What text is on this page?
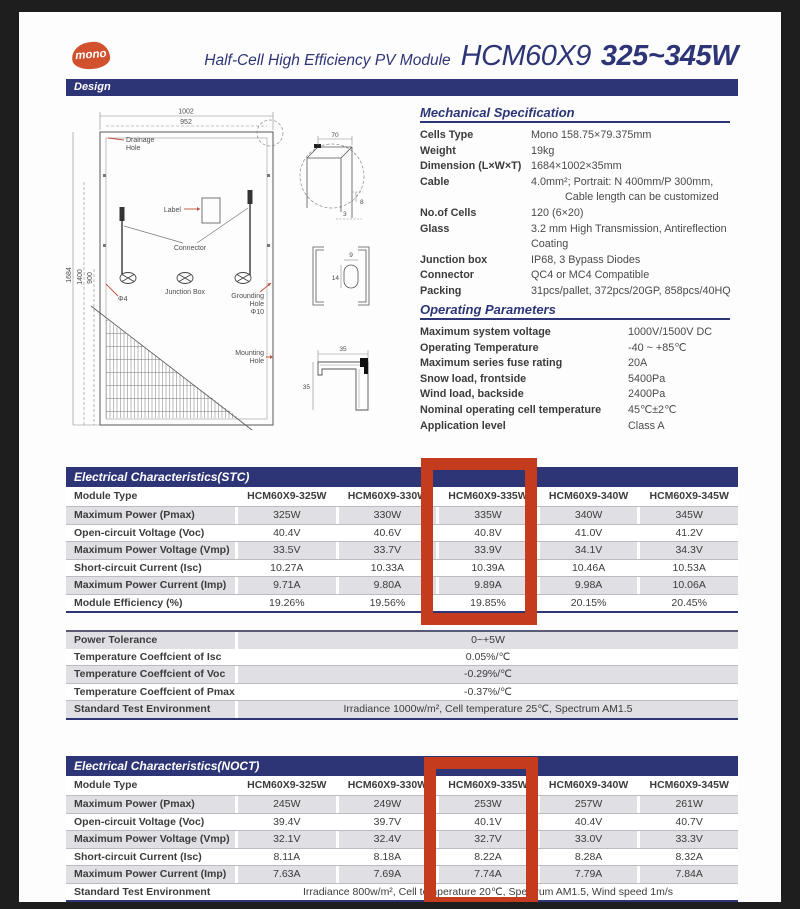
mono	Half-Cell High Efficiency PV Module HCM60X9 325~345W
Design
1002
952
1684 1400 900
Drainage
Hole
Label
Connector
Junction Box
Grounding
Hole
Φ10
Φ4
Mounting
Hole
70
8
3
9
14
35
35
Mechanical Specification
Cells Type	Mono 158.75×79.375mm
Weight	19kg
Dimension (L×W×T) 1684×1002×35mm
Cable	4.0mm²; Portrait: N 400mm/P 300mm,
Cable length can be customized
No.of Cells	120 (6×20)
Glass	3.2 mm High Transmission, Antireflection Coating
Junction box	IP68, 3 Bypass Diodes
Connector	QC4 or MC4 Compatible
Packing	31pcs/pallet, 372pcs/20GP, 858pcs/40HQ
Operating Parameters
Maximum system voltage	1000V/1500V DC
Operating Temperature	-40 ~ +85℃
Maximum series fuse rating	20A
Snow load, frontside	5400Pa
Wind load, backside	2400Pa
Nominal operating cell temperature	45℃±2℃
Application level	Class A
Electrical Characteristics(STC)
Module Type	HCM60X9-325W	HCM60X9-330W	HCM60X9-335W	HCM60X9-340W	HCM60X9-345W
Maximum Power (Pmax)	325W	330W	335W	340W	345W
Open-circuit Voltage (Voc)	40.4V	40.6V	40.8V	41.0V	41.2V
Maximum Power Voltage (Vmp)	33.5V	33.7V	33.9V	34.1V	34.3V
Short-circuit Current (Isc)	10.27A	10.33A	10.39A	10.46A	10.53A
Maximum Power Current (Imp)	9.71A	9.80A	9.89A	9.98A	10.06A
Module Efficiency (%)	19.26%	19.56%	19.85%	20.15%	20.45%
Power Tolerance	0~+5W
Temperature Coeffcient of Isc	0.05%/℃
Temperature Coeffcient of Voc	-0.29%/℃
Temperature Coeffcient of Pmax	-0.37%/℃
Standard Test Environment	Irradiance 1000w/m², Cell temperature 25℃, Spectrum AM1.5
Electrical Characteristics(NOCT)
Module Type	HCM60X9-325W	HCM60X9-330W	HCM60X9-335W	HCM60X9-340W	HCM60X9-345W
Maximum Power (Pmax)	245W	249W	253W	257W	261W
Open-circuit Voltage (Voc)	39.4V	39.7V	40.1V	40.4V	40.7V
Maximum Power Voltage (Vmp)	32.1V	32.4V	32.7V	33.0V	33.3V
Short-circuit Current (Isc)	8.11A	8.18A	8.22A	8.28A	8.32A
Maximum Power Current (Imp)	7.63A	7.69A	7.74A	7.79A	7.84A
Standard Test Environment	Irradiance 800w/m², Cell temperature 20℃, Spectrum AM1.5, Wind speed 1m/s
